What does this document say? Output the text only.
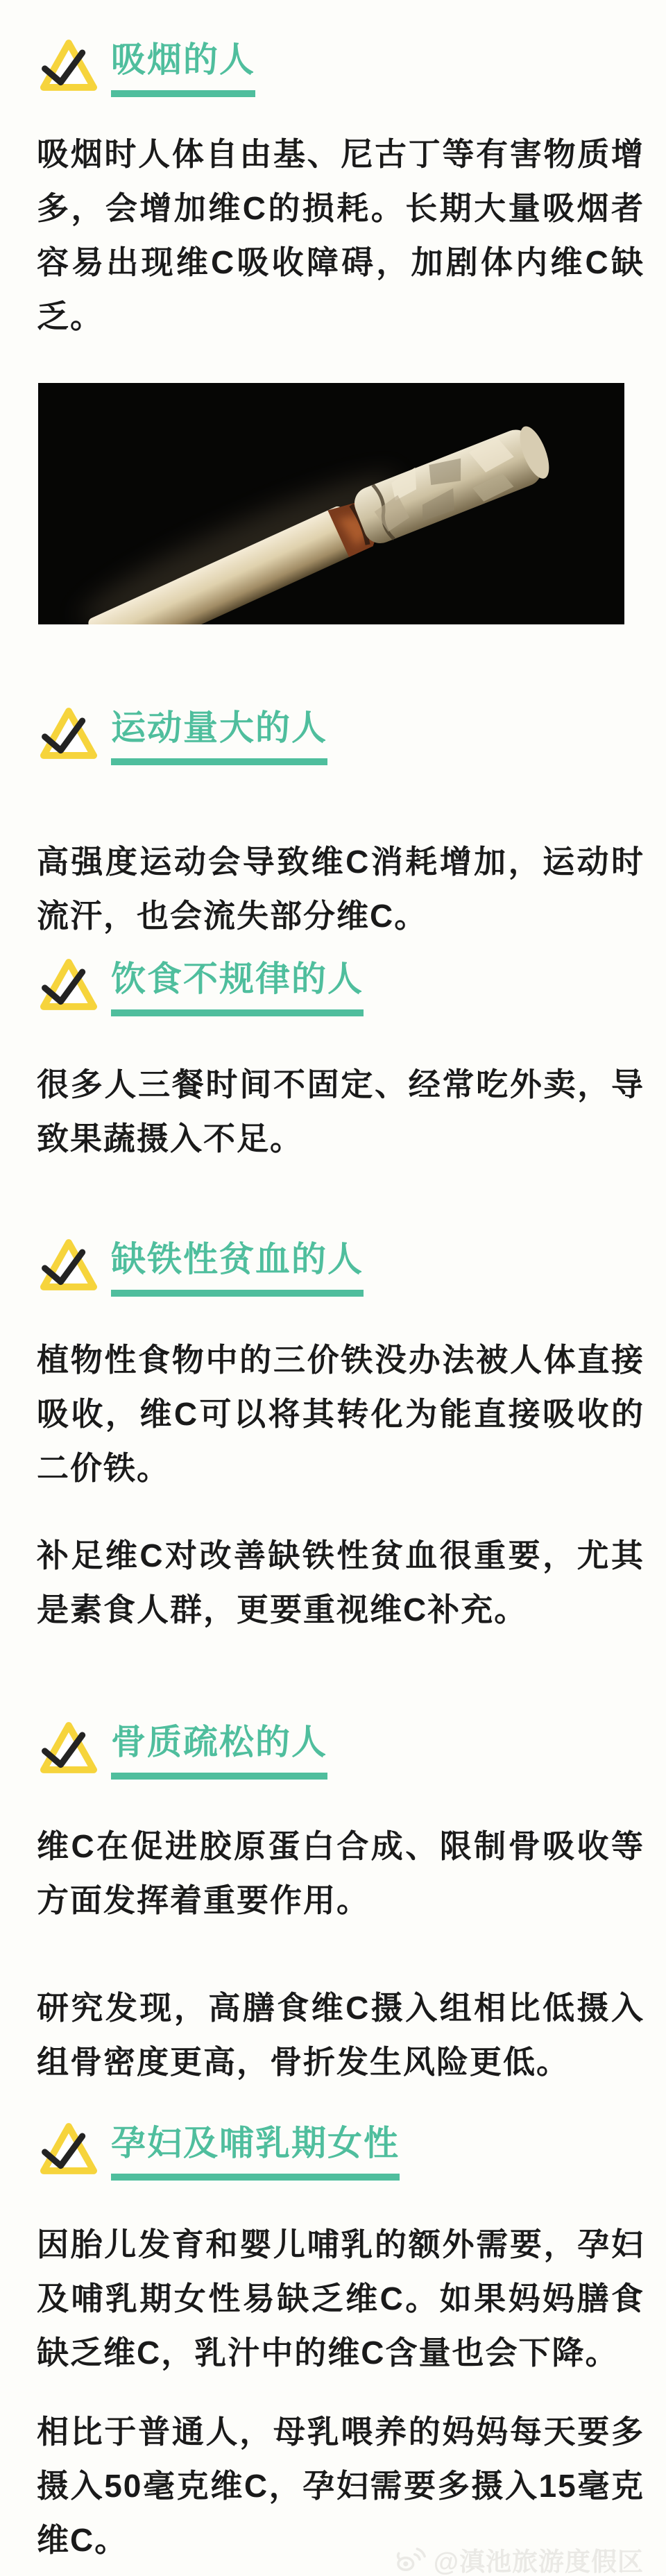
吸烟的人
吸烟时人体自由基、尼古丁等有害物质增多，会增加维C的损耗。长期大量吸烟者容易出现维C吸收障碍，加剧体内维C缺乏。
运动量大的人
高强度运动会导致维C消耗增加，运动时流汗，也会流失部分维C。
饮食不规律的人
很多人三餐时间不固定、经常吃外卖，导致果蔬摄入不足。
缺铁性贫血的人
植物性食物中的三价铁没办法被人体直接吸收，维C可以将其转化为能直接吸收的二价铁。
补足维C对改善缺铁性贫血很重要，尤其是素食人群，更要重视维C补充。
骨质疏松的人
维C在促进胶原蛋白合成、限制骨吸收等方面发挥着重要作用。
研究发现，高膳食维C摄入组相比低摄入组骨密度更高，骨折发生风险更低。
孕妇及哺乳期女性
因胎儿发育和婴儿哺乳的额外需要，孕妇及哺乳期女性易缺乏维C。如果妈妈膳食缺乏维C，乳汁中的维C含量也会下降。
相比于普通人，母乳喂养的妈妈每天要多摄入50毫克维C，孕妇需要多摄入15毫克维C。
@滇池旅游度假区
